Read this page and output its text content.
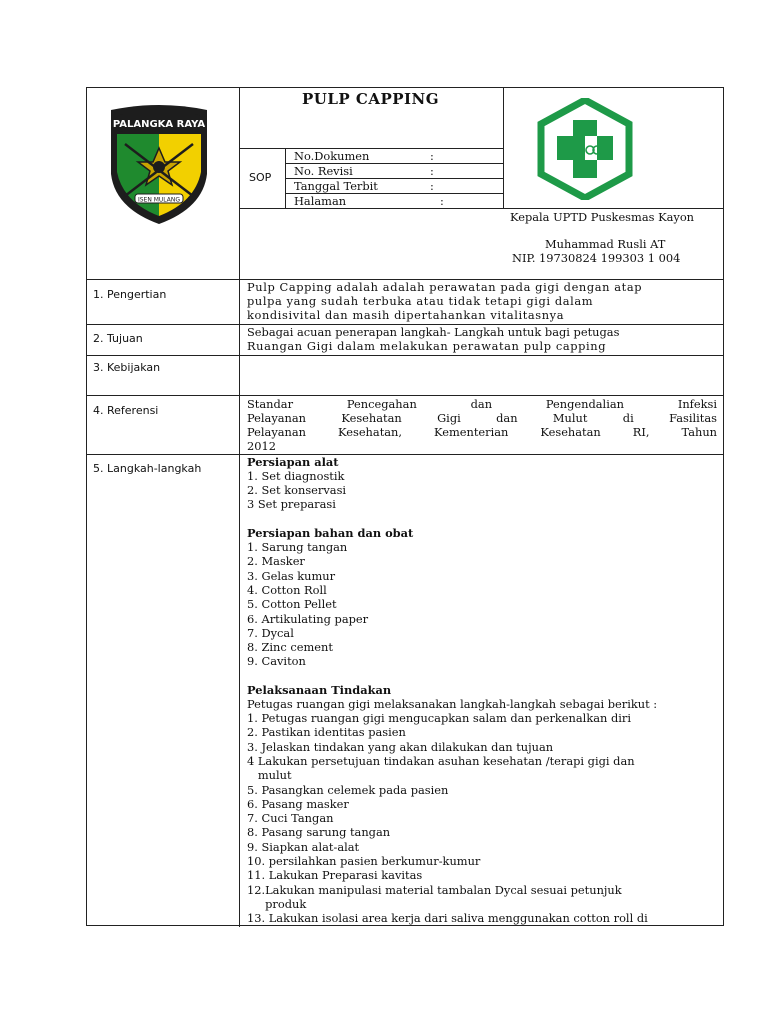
PALANGKA RAYA
ISEN MULANG
PULP CAPPING
SOP
No.Dokumen
No. Revisi
Tanggal Terbit
Halaman
:
:
:
:
Kepala UPTD Puskesmas Kayon
Muhammad Rusli AT
NIP. 19730824 199303 1 004
1. Pengertian
2. Tujuan
3. Kebijakan
4. Referensi
5. Langkah-langkah
Pulp Capping adalah adalah perawatan pada gigi dengan atap
pulpa yang sudah terbuka atau tidak tetapi gigi dalam
kondisivital dan masih dipertahankan vitalitasnya
Sebagai acuan penerapan langkah- Langkah untuk bagi petugas
Ruangan Gigi dalam melakukan perawatan pulp capping
Standar Pencegahan dan Pengendalian Infeksi
Pelayanan Kesehatan Gigi dan Mulut di Fasilitas
Pelayanan Kesehatan, Kementerian Kesehatan RI, Tahun
2012
Persiapan alat
1. Set diagnostik
2. Set konservasi
3 Set preparasi
Persiapan bahan dan obat
1. Sarung tangan
2. Masker
3. Gelas kumur
4. Cotton Roll
5. Cotton Pellet
6. Artikulating paper
7. Dycal
8. Zinc cement
9. Caviton
Pelaksanaan Tindakan
Petugas ruangan gigi melaksanakan langkah-langkah sebagai berikut :
1. Petugas ruangan gigi mengucapkan salam dan perkenalkan diri
2. Pastikan identitas pasien
3. Jelaskan tindakan yang akan dilakukan dan tujuan
4 Lakukan persetujuan tindakan asuhan kesehatan /terapi gigi dan
mulut
5. Pasangkan celemek pada pasien
6. Pasang masker
7. Cuci Tangan
8. Pasang sarung tangan
9. Siapkan alat-alat
10. persilahkan pasien berkumur-kumur
11. Lakukan Preparasi kavitas
12.Lakukan manipulasi material tambalan Dycal sesuai petunjuk
produk
13. Lakukan isolasi area kerja dari saliva menggunakan cotton roll di
